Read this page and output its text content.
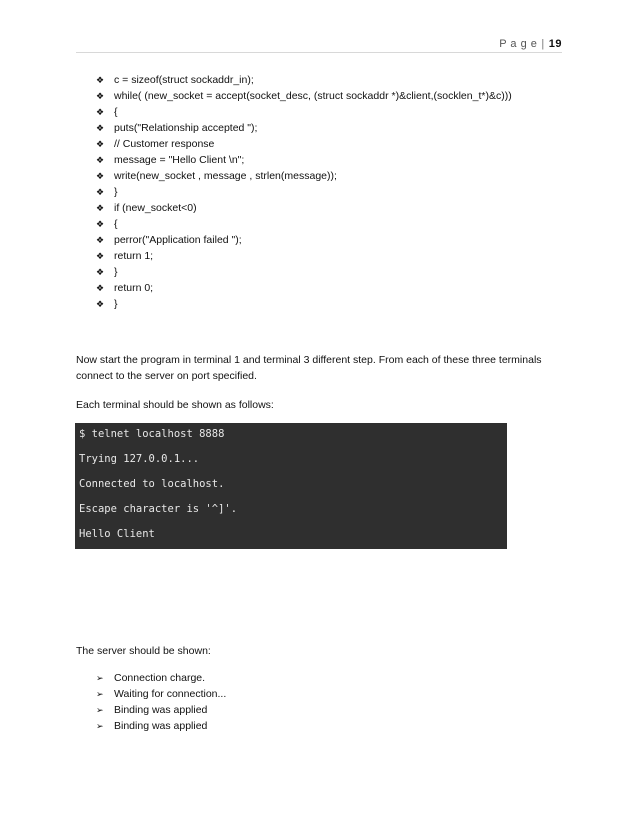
P a g e | 19
❖ c = sizeof(struct sockaddr_in);
❖ while( (new_socket = accept(socket_desc, (struct sockaddr *)&client,(socklen_t*)&c)))
❖ {
❖ puts("Relationship accepted ");
❖ // Customer response
❖ message = "Hello Client \n";
❖ write(new_socket , message , strlen(message));
❖ }
❖ if (new_socket<0)
❖ {
❖ perror("Application failed ");
❖ return 1;
❖ }
❖ return 0;
❖ }

Now start the program in terminal 1 and terminal 3 different step. From each of these three terminals connect to the server on port specified.

Each terminal should be shown as follows:

$ telnet localhost 8888
Trying 127.0.0.1...
Connected to localhost.
Escape character is '^]'.
Hello Client

The server should be shown:

➢ Connection charge.
➢ Waiting for connection...
➢ Binding was applied
➢ Binding was applied
